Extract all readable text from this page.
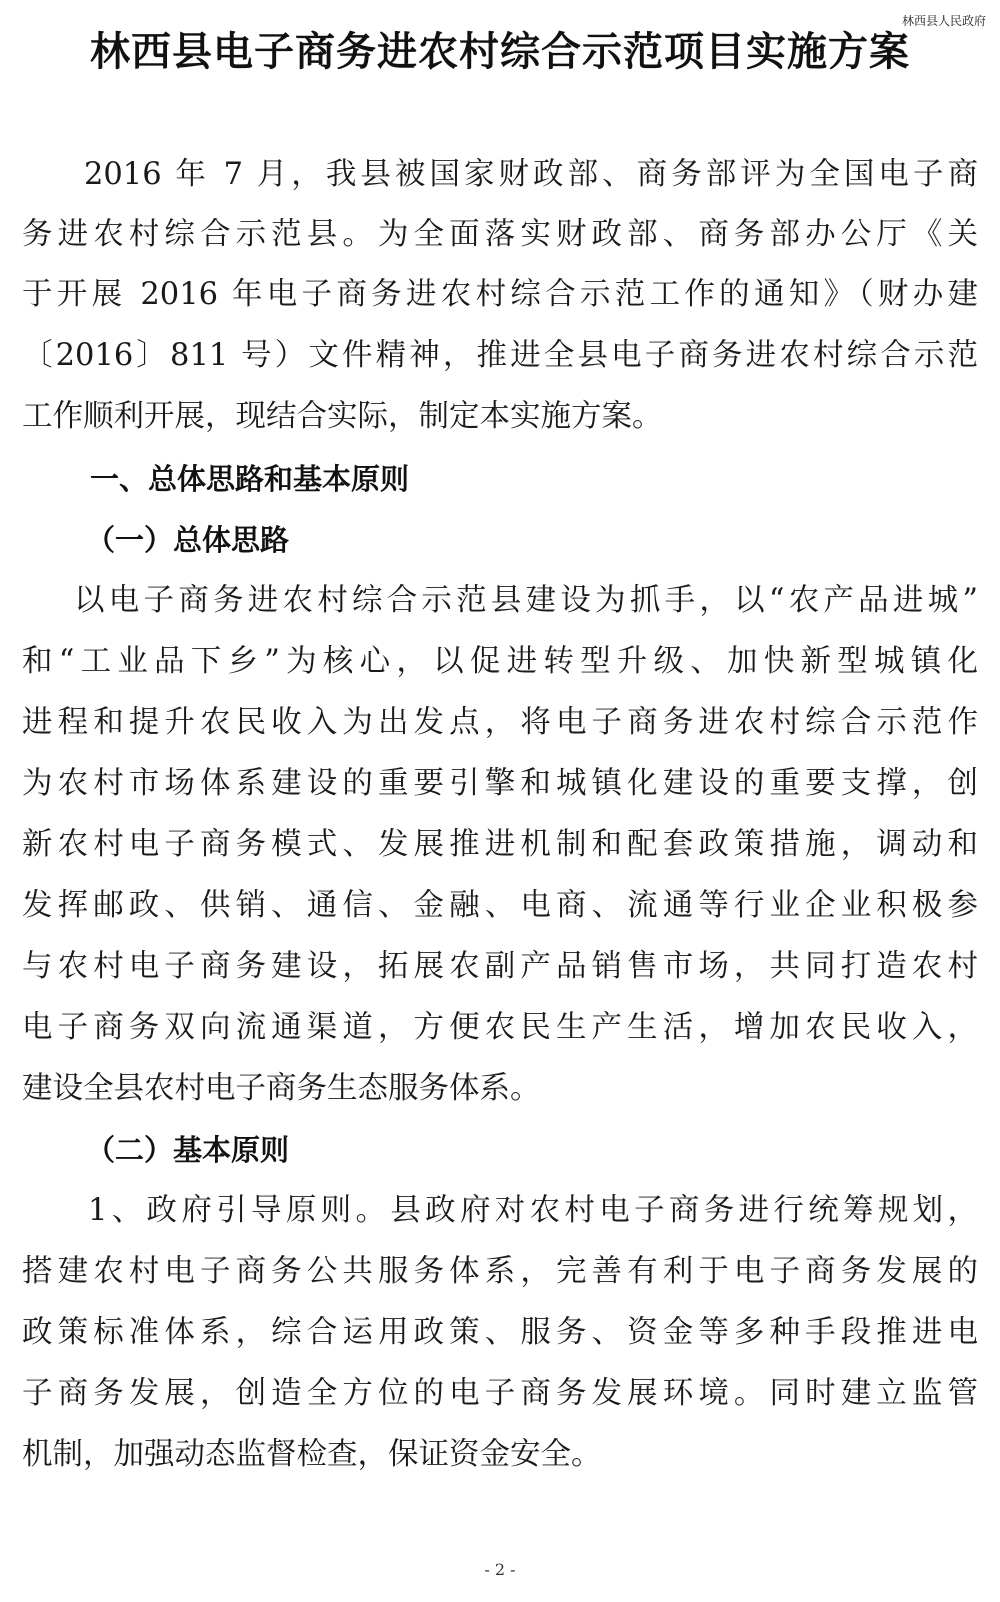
林西县人民政府
林西县电子商务进农村综合示范项目实施方案
2016 年 7 月，我县被国家财政部、商务部评为全国电子商
务进农村综合示范县。为全面落实财政部、商务部办公厅《关
于开展 2016 年电子商务进农村综合示范工作的通知》（财办建
〔2016〕811 号）文件精神，推进全县电子商务进农村综合示范
工作顺利开展，现结合实际，制定本实施方案。
一、总体思路和基本原则
（一）总体思路
以电子商务进农村综合示范县建设为抓手，以“农产品进城”
和“工业品下乡”为核心，以促进转型升级、加快新型城镇化
进程和提升农民收入为出发点，将电子商务进农村综合示范作
为农村市场体系建设的重要引擎和城镇化建设的重要支撑，创
新农村电子商务模式、发展推进机制和配套政策措施，调动和
发挥邮政、供销、通信、金融、电商、流通等行业企业积极参
与农村电子商务建设，拓展农副产品销售市场，共同打造农村
电子商务双向流通渠道，方便农民生产生活，增加农民收入，
建设全县农村电子商务生态服务体系。
（二）基本原则
1、政府引导原则。县政府对农村电子商务进行统筹规划，
搭建农村电子商务公共服务体系，完善有利于电子商务发展的
政策标准体系，综合运用政策、服务、资金等多种手段推进电
子商务发展，创造全方位的电子商务发展环境。同时建立监管
机制，加强动态监督检查，保证资金安全。
- 2 -
